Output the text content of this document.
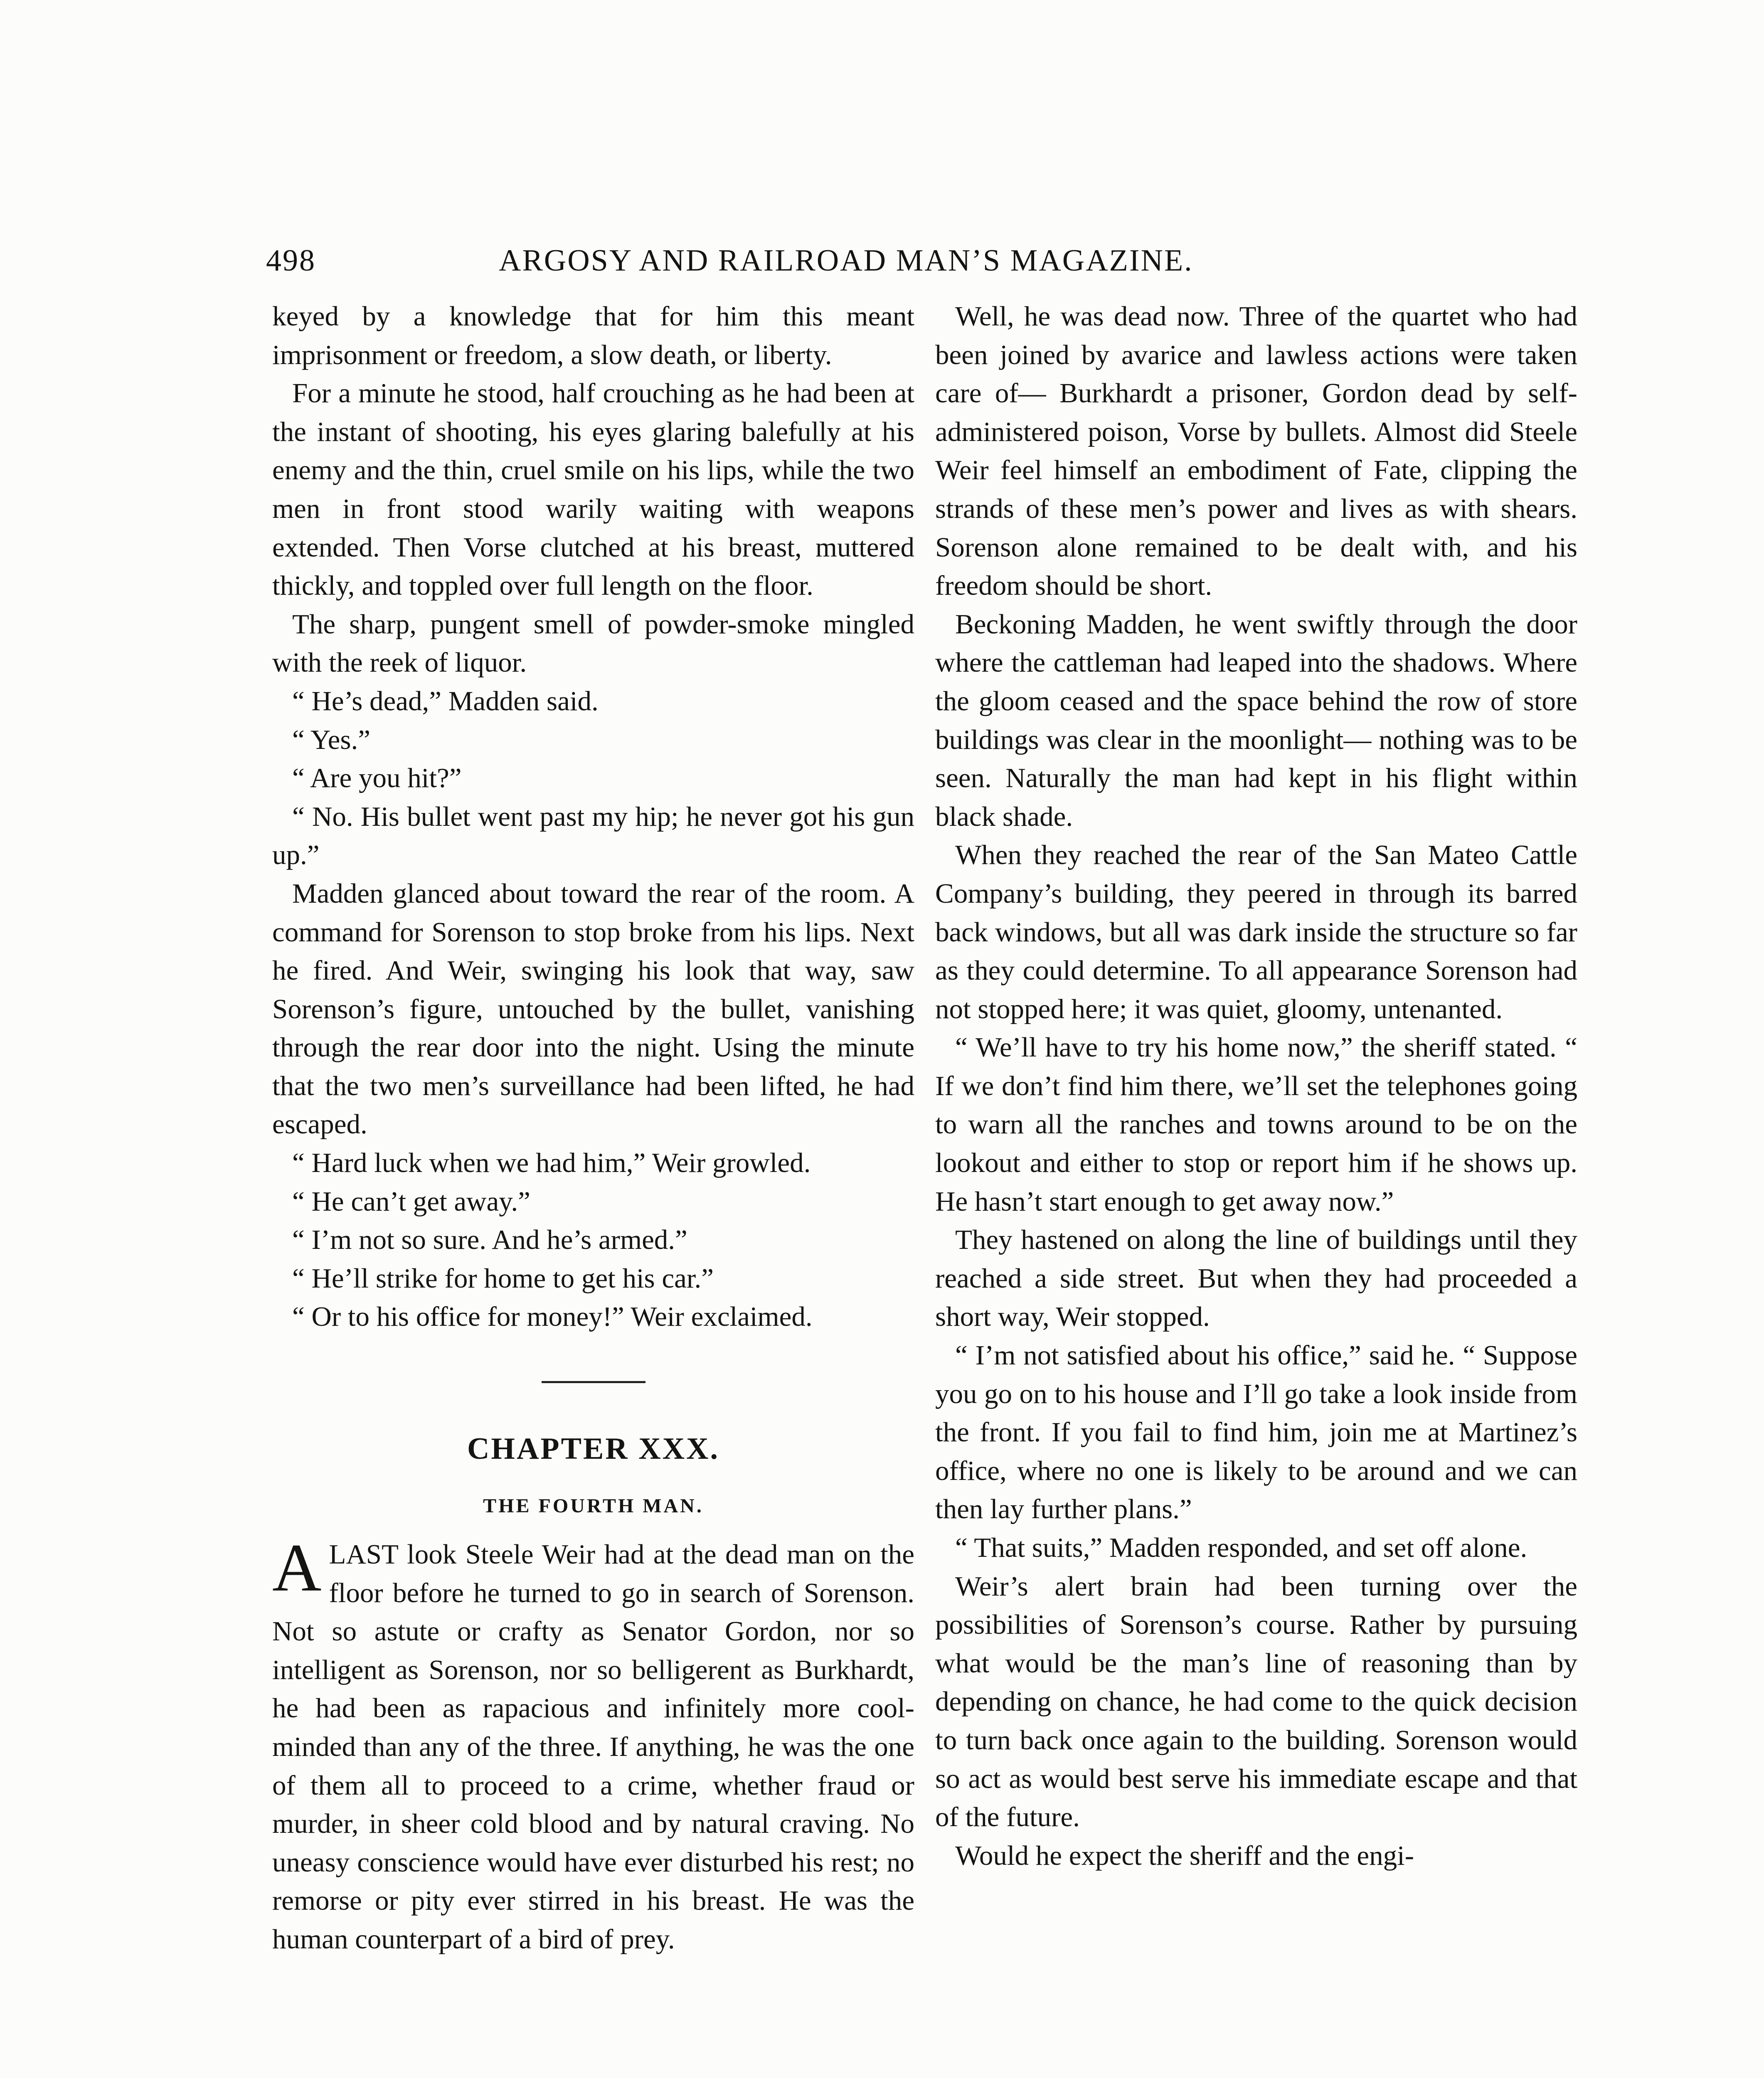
498	ARGOSY AND RAILROAD MAN’S MAGAZINE.

keyed by a knowledge that for him this meant imprisonment or freedom, a slow death, or liberty.

For a minute he stood, half crouching as he had been at the instant of shooting, his eyes glaring balefully at his enemy and the thin, cruel smile on his lips, while the two men in front stood warily waiting with weapons extended. Then Vorse clutched at his breast, muttered thickly, and toppled over full length on the floor.

The sharp, pungent smell of powder-smoke mingled with the reek of liquor.

“ He’s dead,” Madden said.

“ Yes.”

“ Are you hit?”

“ No. His bullet went past my hip; he never got his gun up.”

Madden glanced about toward the rear of the room. A command for Sorenson to stop broke from his lips. Next he fired. And Weir, swinging his look that way, saw Sorenson’s figure, untouched by the bullet, vanishing through the rear door into the night. Using the minute that the two men’s surveillance had been lifted, he had escaped.

“ Hard luck when we had him,” Weir growled.

“ He can’t get away.”

“ I’m not so sure. And he’s armed.”

“ He’ll strike for home to get his car.”

“ Or to his office for money!” Weir exclaimed.

CHAPTER XXX.
THE FOURTH MAN.

ALAST look Steele Weir had at the dead man on the floor before he turned to go in search of Sorenson. Not so astute or crafty as Senator Gordon, nor so intelligent as Sorenson, nor so belligerent as Burkhardt, he had been as rapacious and infinitely more cool-minded than any of the three. If anything, he was the one of them all to proceed to a crime, whether fraud or murder, in sheer cold blood and by natural craving. No uneasy conscience would have ever disturbed his rest; no remorse or pity ever stirred in his breast. He was the human counterpart of a bird of prey.

Well, he was dead now. Three of the quartet who had been joined by avarice and lawless actions were taken care of— Burkhardt a prisoner, Gordon dead by self-administered poison, Vorse by bullets. Almost did Steele Weir feel himself an embodiment of Fate, clipping the strands of these men’s power and lives as with shears. Sorenson alone remained to be dealt with, and his freedom should be short.

Beckoning Madden, he went swiftly through the door where the cattleman had leaped into the shadows. Where the gloom ceased and the space behind the row of store buildings was clear in the moonlight— nothing was to be seen. Naturally the man had kept in his flight within black shade.

When they reached the rear of the San Mateo Cattle Company’s building, they peered in through its barred back windows, but all was dark inside the structure so far as they could determine. To all appearance Sorenson had not stopped here; it was quiet, gloomy, untenanted.

“ We’ll have to try his home now,” the sheriff stated. “ If we don’t find him there, we’ll set the telephones going to warn all the ranches and towns around to be on the lookout and either to stop or report him if he shows up. He hasn’t start enough to get away now.”

They hastened on along the line of buildings until they reached a side street. But when they had proceeded a short way, Weir stopped.

“ I’m not satisfied about his office,” said he. “ Suppose you go on to his house and I’ll go take a look inside from the front. If you fail to find him, join me at Martinez’s office, where no one is likely to be around and we can then lay further plans.”

“ That suits,” Madden responded, and set off alone.

Weir’s alert brain had been turning over the possibilities of Sorenson’s course. Rather by pursuing what would be the man’s line of reasoning than by depending on chance, he had come to the quick decision to turn back once again to the building. Sorenson would so act as would best serve his immediate escape and that of the future.

Would he expect the sheriff and the engi-
